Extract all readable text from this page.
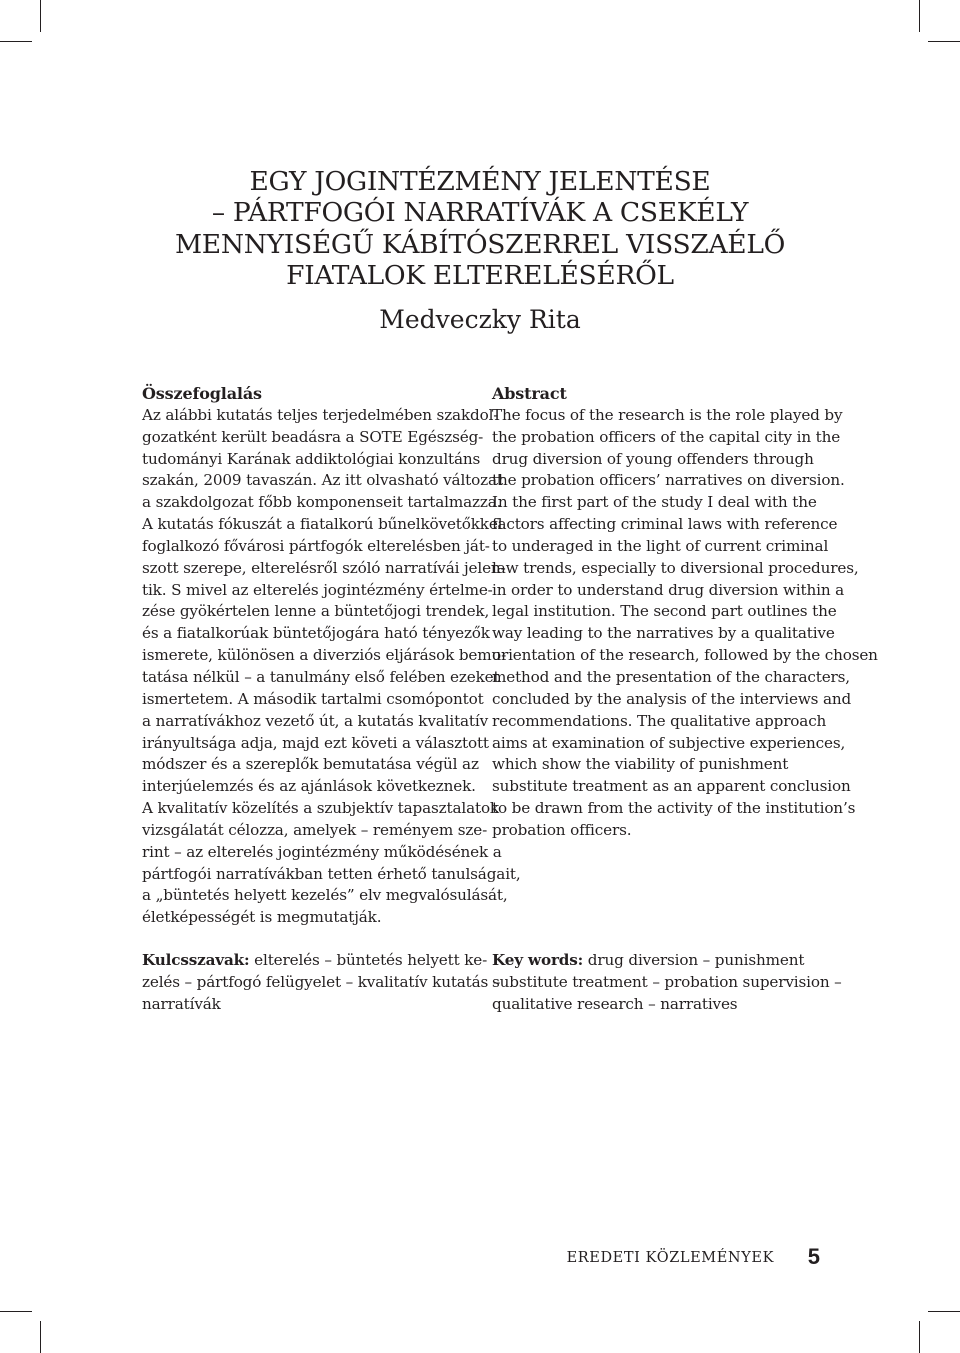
EGY JOGINTÉZMÉNY JELENTÉSE
– PÁRTFOGÓI NARRATÍVÁK A CSEKÉLY
MENNYISÉGŰ KÁBÍTÓSZERREL VISSZAÉLŐ
FIATALOK ELTERELÉSÉRŐL
Medveczky Rita
Összefoglalás
Az alábbi kutatás teljes terjedelmében szakdol-
gozatként került beadásra a SOTE Egészség-
tudományi Karának addiktológiai konzultáns
szakán, 2009 tavaszán. Az itt olvasható változat
a szakdolgozat főbb komponenseit tartalmazza.
A kutatás fókuszát a fiatalkorú bűnelkövetőkkel
foglalkozó fővárosi pártfogók elterelésben ját-
szott szerepe, elterelésről szóló narratívái jelen-
tik. S mivel az elterelés jogintézmény értelme-
zése gyökértelen lenne a büntetőjogi trendek,
és a fiatalkorúak büntetőjogára ható tényezők
ismerete, különösen a diverziós eljárások bemu-
tatása nélkül – a tanulmány első felében ezeket
ismertetem. A második tartalmi csomópontot
a narratívákhoz vezető út, a kutatás kvalitatív
irányultsága adja, majd ezt követi a választott
módszer és a szereplők bemutatása végül az
interjúelemzés és az ajánlások következnek.
A kvalitatív közelítés a szubjektív tapasztalatok
vizsgálatát célozza, amelyek – reményem sze-
rint – az elterelés jogintézmény működésének a
pártfogói narratívákban tetten érhető tanulságait,
a „büntetés helyett kezelés” elv megvalósulását,
életképességét is megmutatják.
Abstract
The focus of the research is the role played by
the probation officers of the capital city in the
drug diversion of young offenders through
the probation officers’ narratives on diversion.
In the first part of the study I deal with the
factors affecting criminal laws with reference
to underaged in the light of current criminal
law trends, especially to diversional procedures,
in order to understand drug diversion within a
legal institution. The second part outlines the
way leading to the narratives by a qualitative
orientation of the research, followed by the chosen
method and the presentation of the characters,
concluded by the analysis of the interviews and
recommendations. The qualitative approach
aims at examination of subjective experiences,
which show the viability of punishment
substitute treatment as an apparent conclusion
to be drawn from the activity of the institution’s
probation officers.
Kulcsszavak: elterelés – büntetés helyett ke-
zelés – pártfogó felügyelet – kvalitatív kutatás –
narratívák
Key words: drug diversion – punishment
substitute treatment – probation supervision –
qualitative research – narratives
EREDETI KÖZLEMÉNYEK 5
